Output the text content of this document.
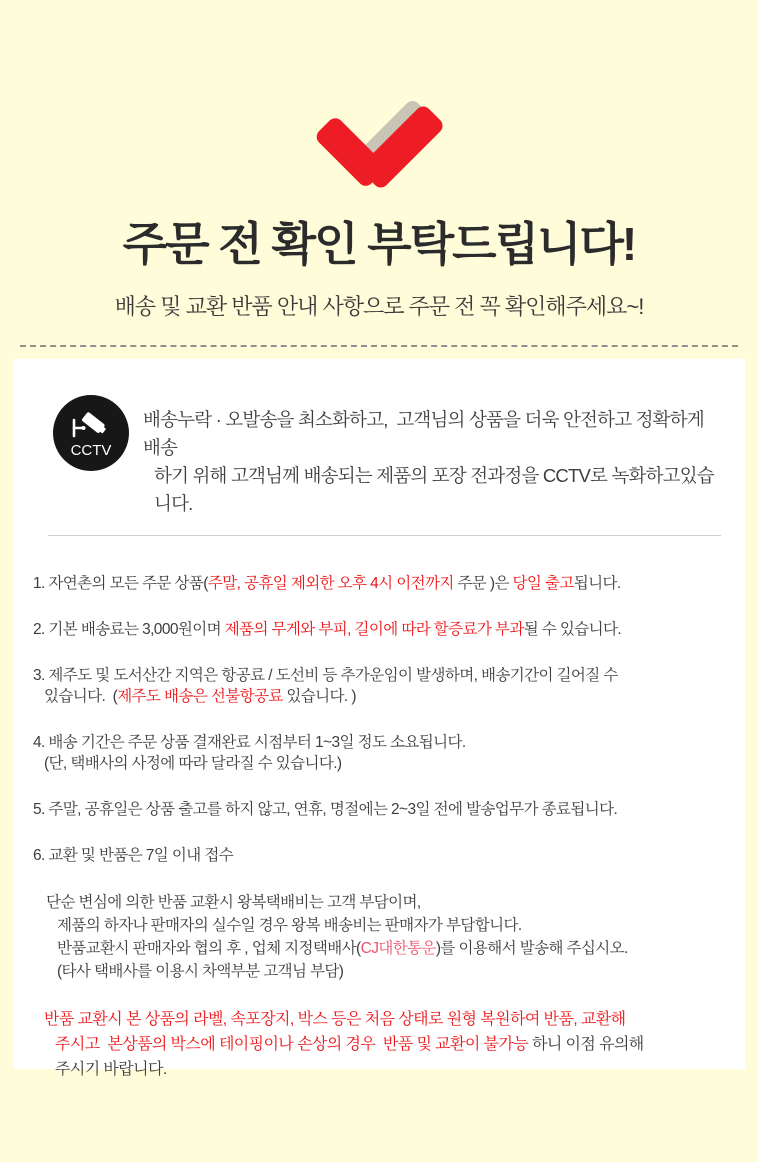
주문 전 확인 부탁드립니다!

배송 및 교환 반품 안내 사항으로 주문 전 꼭 확인해주세요~!

CCTV
배송누락 · 오발송을 최소화하고,  고객님의 상품을 더욱 안전하고 정확하게 배송
하기 위해 고객님께 배송되는 제품의 포장 전과정을 CCTV로 녹화하고있습니다.
1. 자연촌의 모든 주문 상품(주말, 공휴일 제외한 오후 4시 이전까지 주문 )은 당일 출고됩니다.
2. 기본 배송료는 3,000원이며 제품의 무게와 부피, 길이에 따라 할증료가 부과될 수 있습니다.
3. 제주도 및 도서산간 지역은 항공료 / 도선비 등 추가운임이 발생하며, 배송기간이 길어질 수
있습니다.  (제주도 배송은 선불항공료 있습니다. )
4. 배송 기간은 주문 상품 결재완료 시점부터 1~3일 정도 소요됩니다.
(단, 택배사의 사정에 따라 달라질 수 있습니다.)
5. 주말, 공휴일은 상품 출고를 하지 않고, 연휴, 명절에는 2~3일 전에 발송업무가 종료됩니다.
6. 교환 및 반품은 7일 이내 접수
단순 변심에 의한 반품 교환시 왕복택배비는 고객 부담이며,
제품의 하자나 판매자의 실수일 경우 왕복 배송비는 판매자가 부담합니다.
반품교환시 판매자와 협의 후 , 업체 지정택배사(CJ대한통운)를 이용해서 발송해 주십시오.
(타사 택배사를 이용시 차액부분 고객님 부담)
반품 교환시 본 상품의 라벨, 속포장지, 박스 등은 처음 상태로 원형 복원하여 반품, 교환해
주시고  본상품의 박스에 테이핑이나 손상의 경우  반품 및 교환이 불가능 하니 이점 유의해
주시기 바랍니다.
